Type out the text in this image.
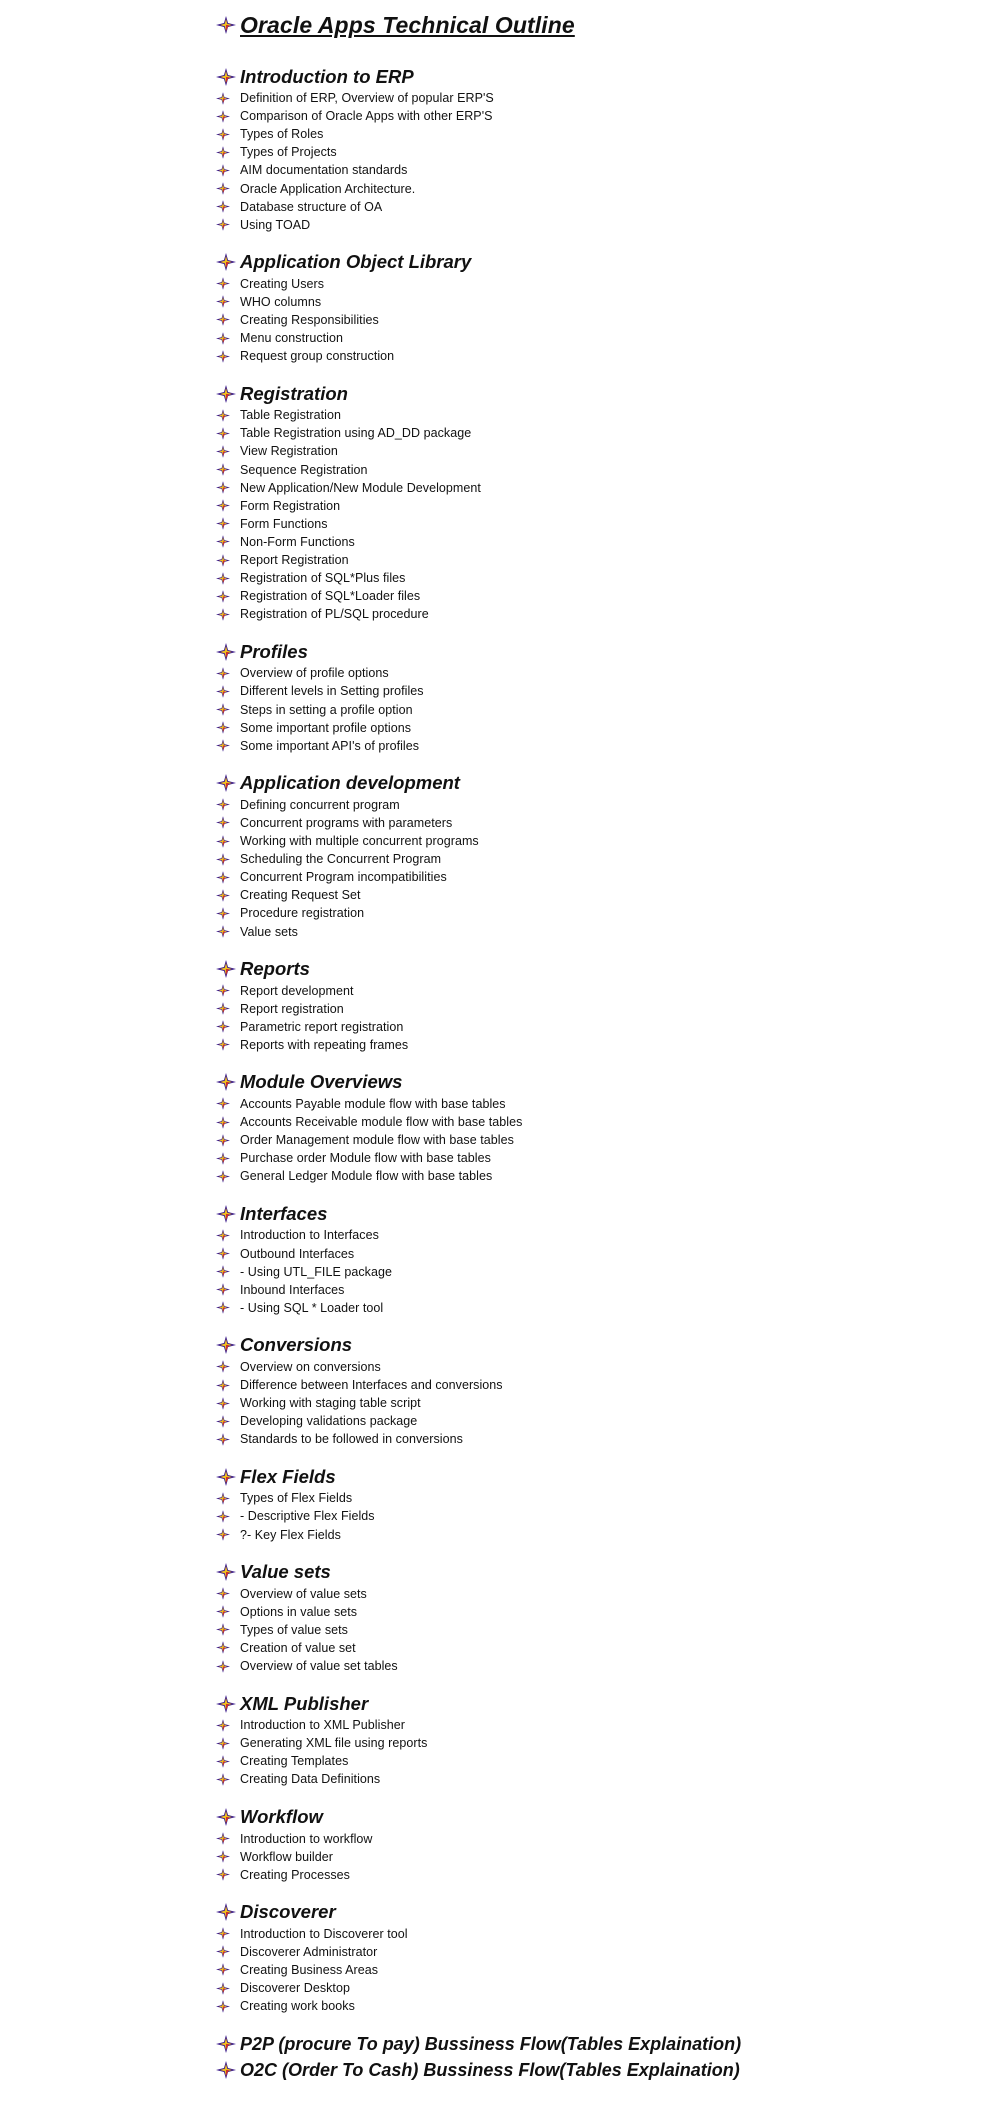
Oracle Apps Technical Outline
Introduction to ERP
Definition of ERP, Overview of popular ERP'S
Comparison of Oracle Apps with other ERP'S
Types of Roles
Types of Projects
AIM documentation standards
Oracle Application Architecture.
Database structure of OA
Using TOAD
Application Object Library
Creating Users
WHO columns
Creating Responsibilities
Menu construction
Request group construction
Registration
Table Registration
Table Registration using AD_DD package
View Registration
Sequence Registration
New Application/New Module Development
Form Registration
Form Functions
Non-Form Functions
Report Registration
Registration of SQL*Plus files
Registration of SQL*Loader files
Registration of PL/SQL procedure
Profiles
Overview of profile options
Different levels in Setting profiles
Steps in setting a profile option
Some important profile options
Some important API's of profiles
Application development
Defining concurrent program
Concurrent programs with parameters
Working with multiple concurrent programs
Scheduling the Concurrent Program
Concurrent Program incompatibilities
Creating Request Set
Procedure registration
Value sets
Reports
Report development
Report registration
Parametric report registration
Reports with repeating frames
Module Overviews
Accounts Payable module flow with base tables
Accounts Receivable module flow with base tables
Order Management module flow with base tables
Purchase order Module flow with base tables
General Ledger Module flow with base tables
Interfaces
Introduction to Interfaces
Outbound Interfaces
- Using UTL_FILE package
Inbound Interfaces
- Using SQL * Loader tool
Conversions
Overview on conversions
Difference between Interfaces and conversions
Working with staging table script
Developing validations package
Standards to be followed in conversions
Flex Fields
Types of Flex Fields
- Descriptive Flex Fields
?- Key Flex Fields
Value sets
Overview of value sets
Options in value sets
Types of value sets
Creation of value set
Overview of value set tables
XML Publisher
Introduction to XML Publisher
Generating XML file using reports
Creating Templates
Creating Data Definitions
Workflow
Introduction to workflow
Workflow builder
Creating Processes
Discoverer
Introduction to Discoverer tool
Discoverer Administrator
Creating Business Areas
Discoverer Desktop
Creating work books
P2P (procure To pay) Bussiness Flow(Tables Explaination)
O2C (Order To Cash) Bussiness Flow(Tables Explaination)
